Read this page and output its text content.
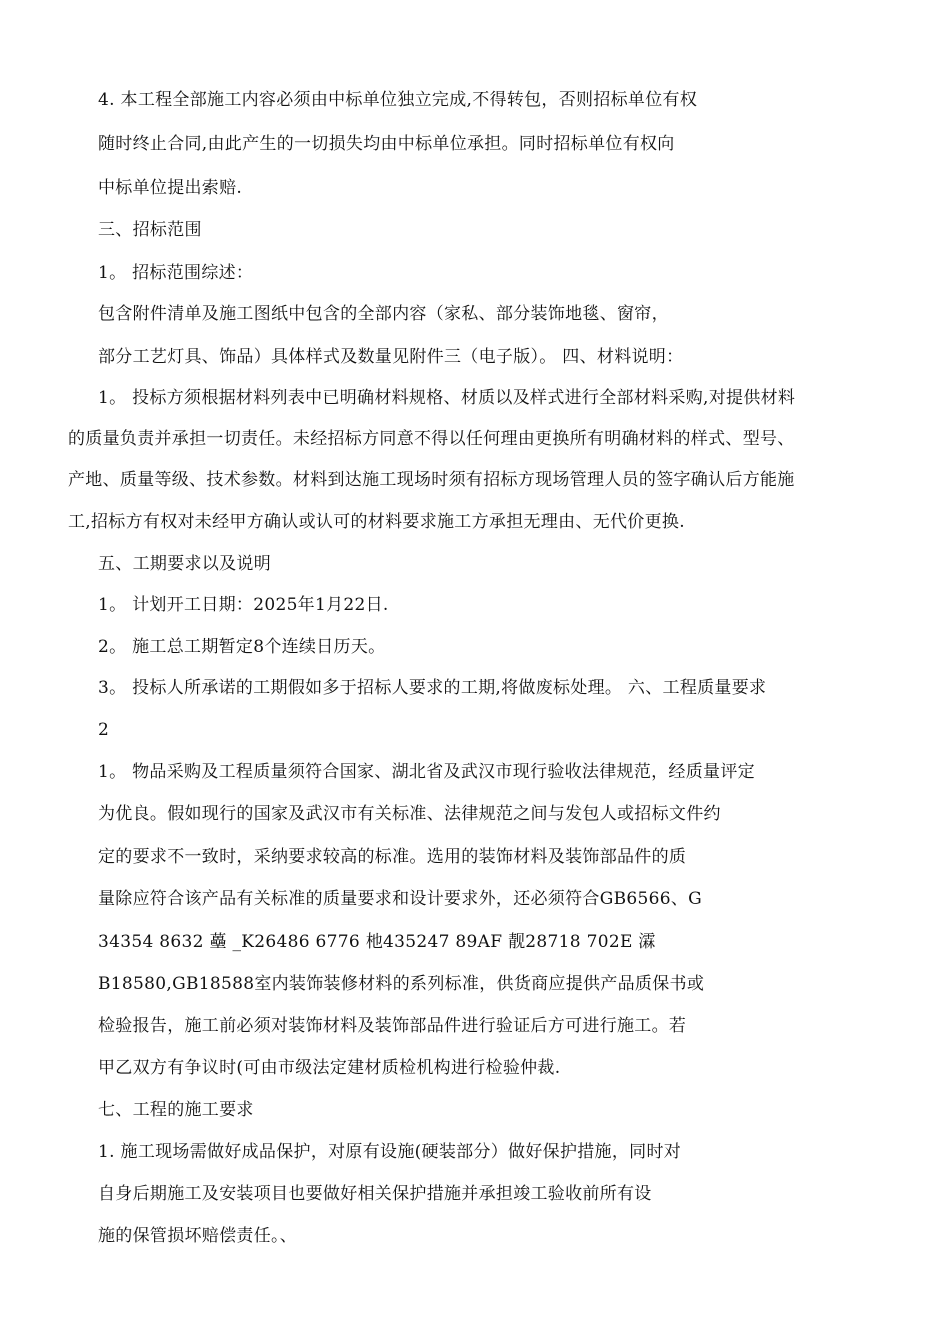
4. 本工程全部施工内容必须由中标单位独立完成,不得转包，否则招标单位有权
随时终止合同,由此产生的一切损失均由中标单位承担。同时招标单位有权向
中标单位提出索赔.
三、招标范围
1。 招标范围综述：
包含附件清单及施工图纸中包含的全部内容（家私、部分装饰地毯、窗帘，
部分工艺灯具、饰品）具体样式及数量见附件三（电子版）。 四、材料说明：
1。 投标方须根据材料列表中已明确材料规格、材质以及样式进行全部材料采购,对提供材料
的质量负责并承担一切责任。未经招标方同意不得以任何理由更换所有明确材料的样式、型号、
产地、质量等级、技术参数。材料到达施工现场时须有招标方现场管理人员的签字确认后方能施
工,招标方有权对未经甲方确认或认可的材料要求施工方承担无理由、无代价更换.
五、工期要求以及说明
1。 计划开工日期：2025年1月22日.
2。 施工总工期暂定8个连续日历天。
3。 投标人所承诺的工期假如多于招标人要求的工期,将做废标处理。 六、工程质量要求
2
1。 物品采购及工程质量须符合国家、湖北省及武汉市现行验收法律规范，经质量评定
为优良。假如现行的国家及武汉市有关标准、法律规范之间与发包人或招标文件约
定的要求不一致时，采纳要求较高的标准。选用的装饰材料及装饰部品件的质
量除应符合该产品有关标准的质量要求和设计要求外，还必须符合GB6566、G
34354 8632 蘲 _K26486 6776 杝435247 89AF 靓28718 702E 瀮
B18580,GB18588室内装饰装修材料的系列标准，供货商应提供产品质保书或
检验报告，施工前必须对装饰材料及装饰部品件进行验证后方可进行施工。若
甲乙双方有争议时(可由市级法定建材质检机构进行检验仲裁.
七、工程的施工要求
1. 施工现场需做好成品保护，对原有设施(硬装部分）做好保护措施，同时对
自身后期施工及安装项目也要做好相关保护措施并承担竣工验收前所有设
施的保管损坏赔偿责任。、
